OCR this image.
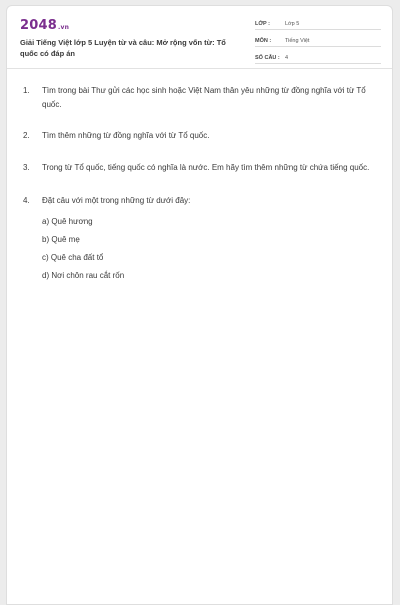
2048.vn
Giải Tiếng Việt lớp 5 Luyện từ và câu: Mở rộng vốn từ: Tổ quốc có đáp án
LỚP :	Lớp 5
MÔN :	Tiếng Việt
SỐ CÂU : 4
1.	Tìm trong bài Thư gửi các học sinh hoặc Việt Nam thân yêu những từ đồng nghĩa với từ Tổ quốc.
2.	Tìm thêm những từ đồng nghĩa với từ Tổ quốc.
3.	Trong từ Tổ quốc, tiếng quốc có nghĩa là nước. Em hãy tìm thêm những từ chứa tiếng quốc.
4.	Đặt câu với một trong những từ dưới đây:
a) Quê hương
b) Quê mẹ
c) Quê cha đất tổ
d) Nơi chôn rau cắt rốn
